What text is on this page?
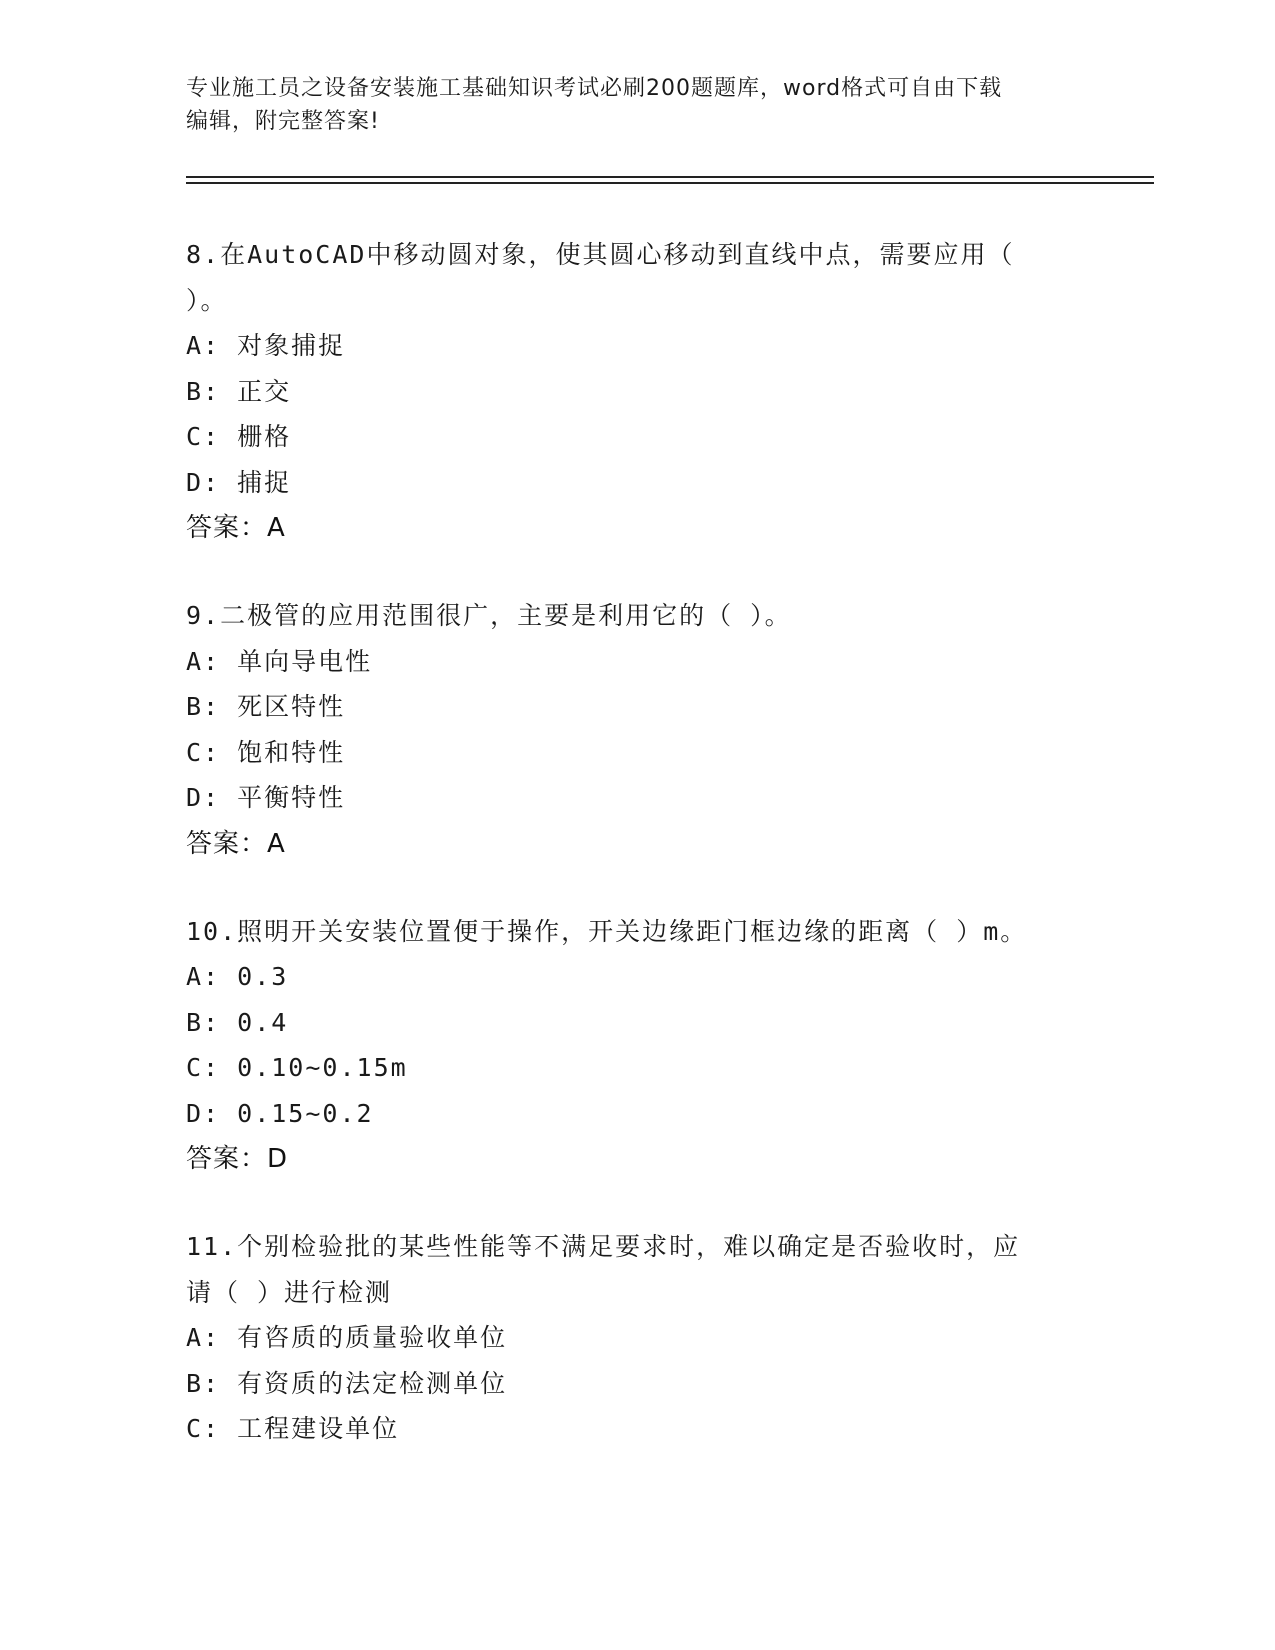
专业施工员之设备安装施工基础知识考试必刷200题题库，word格式可自由下载
编辑，附完整答案!
8.在AutoCAD中移动圆对象，使其圆心移动到直线中点，需要应用（
）。
A: 对象捕捉
B: 正交
C: 栅格
D: 捕捉
答案：A
9.二极管的应用范围很广，主要是利用它的（ ）。
A: 单向导电性
B: 死区特性
C: 饱和特性
D: 平衡特性
答案：A
10.照明开关安装位置便于操作，开关边缘距门框边缘的距离（ ）m。
A: 0.3
B: 0.4
C: 0.10~0.15m
D: 0.15~0.2
答案：D
11.个别检验批的某些性能等不满足要求时，难以确定是否验收时，应
请（ ）进行检测
A: 有咨质的质量验收单位
B: 有资质的法定检测单位
C: 工程建设单位
